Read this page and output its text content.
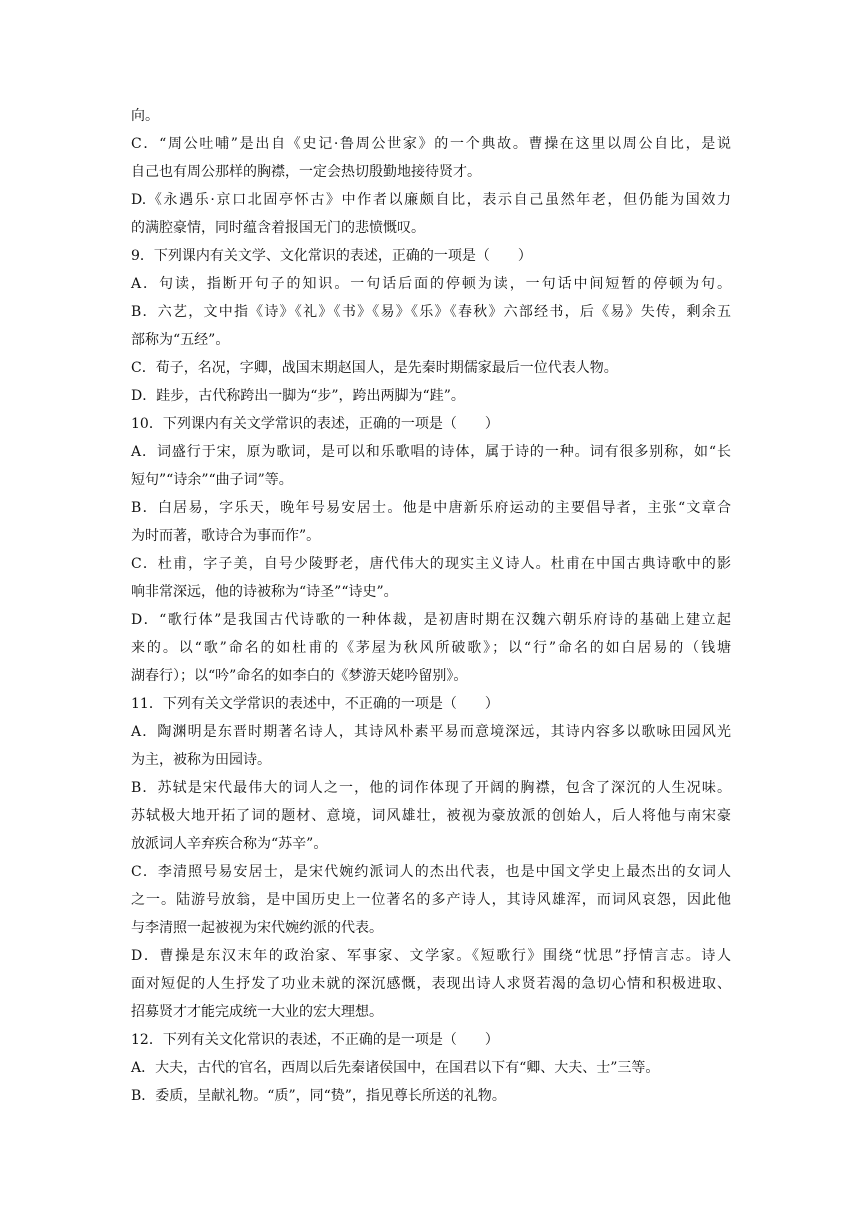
向。
C．“周公吐哺”是出自《史记·鲁周公世家》的一个典故。曹操在这里以周公自比，是说
自己也有周公那样的胸襟，一定会热切殷勤地接待贤才。
D.《永遇乐·京口北固亭怀古》中作者以廉颇自比，表示自己虽然年老，但仍能为国效力
的满腔豪情，同时蕴含着报国无门的悲愤慨叹。
9．下列课内有关文学、文化常识的表述，正确的一项是（　　）
A．句读，指断开句子的知识。一句话后面的停顿为读，一句话中间短暂的停顿为句。
B．六艺，文中指《诗》《礼》《书》《易》《乐》《春秋》六部经书，后《易》失传，剩余五
部称为“五经”。
C．荀子，名况，字卿，战国末期赵国人，是先秦时期儒家最后一位代表人物。
D．跬步，古代称跨出一脚为“步”，跨出两脚为“跬”。
10．下列课内有关文学常识的表述，正确的一项是（　　）
A．词盛行于宋，原为歌词，是可以和乐歌唱的诗体，属于诗的一种。词有很多别称，如“长
短句”“诗余”“曲子词”等。
B．白居易，字乐天，晚年号易安居士。他是中唐新乐府运动的主要倡导者，主张“文章合
为时而著，歌诗合为事而作”。
C．杜甫，字子美，自号少陵野老，唐代伟大的现实主义诗人。杜甫在中国古典诗歌中的影
响非常深远，他的诗被称为“诗圣”“诗史”。
D．“歌行体”是我国古代诗歌的一种体裁，是初唐时期在汉魏六朝乐府诗的基础上建立起
来的。以“歌”命名的如杜甫的《茅屋为秋风所破歌》；以“行”命名的如白居易的（钱塘
湖春行）；以“吟”命名的如李白的《梦游天姥吟留别》。
11．下列有关文学常识的表述中，不正确的一项是（　　）
A．陶渊明是东晋时期著名诗人，其诗风朴素平易而意境深远，其诗内容多以歌咏田园风光
为主，被称为田园诗。
B．苏轼是宋代最伟大的词人之一，他的词作体现了开阔的胸襟，包含了深沉的人生况味。
苏轼极大地开拓了词的题材、意境，词风雄壮，被视为豪放派的创始人，后人将他与南宋豪
放派词人辛弃疾合称为“苏辛”。
C．李清照号易安居士，是宋代婉约派词人的杰出代表，也是中国文学史上最杰出的女词人
之一。陆游号放翁，是中国历史上一位著名的多产诗人，其诗风雄浑，而词风哀怨，因此他
与李清照一起被视为宋代婉约派的代表。
D．曹操是东汉末年的政治家、军事家、文学家。《短歌行》围绕“忧思”抒情言志。诗人
面对短促的人生抒发了功业未就的深沉感慨，表现出诗人求贤若渴的急切心情和积极进取、
招募贤才才能完成统一大业的宏大理想。
12．下列有关文化常识的表述，不正确的是一项是（　　）
A．大夫，古代的官名，西周以后先秦诸侯国中，在国君以下有“卿、大夫、士”三等。
B．委质，呈献礼物。“质”，同“贽”，指见尊长所送的礼物。
